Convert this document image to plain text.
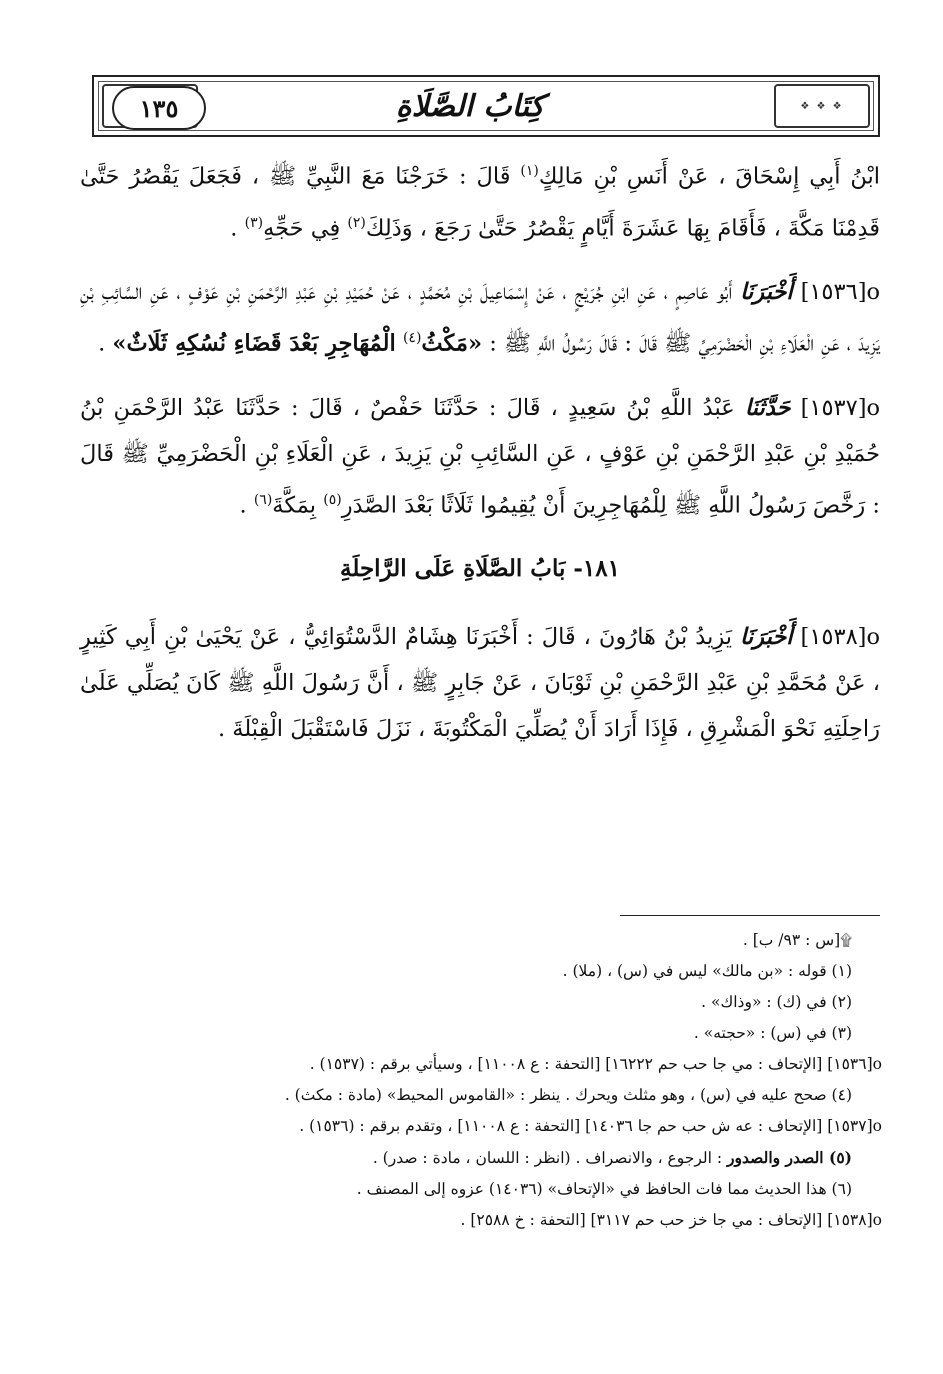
❖ ❖ ❖
❖ ❖ ❖
١٣٥	كِتَابُ الصَّلَاةِ

ابْنُ أَبِي إِسْحَاقَ ، عَنْ أَنَسِ بْنِ مَالِكٍ$^{(١)}$ قَالَ : خَرَجْنَا مَعَ النَّبِيِّ ﷺ ، فَجَعَلَ يَقْصُرُ حَتَّىٰ قَدِمْنَا مَكَّةَ ، فَأَقَامَ بِهَا عَشَرَةَ أَيَّامٍ يَقْصُرُ حَتَّىٰ رَجَعَ ، وَذَلِكَ$^{(٢)}$ فِي حَجِّهِ$^{(٣)}$ .

o[١٥٣٦] أَخْبَرَنَا أَبُو عَاصِمٍ ، عَنِ ابْنِ جُرَيْجٍ ، عَنْ إِسْمَاعِيلَ بْنِ مُحَمَّدٍ ، عَنْ حُمَيْدِ بْنِ عَبْدِ الرَّحْمَنِ بْنِ عَوْفٍ ، عَنِ السَّائِبِ بْنِ يَزِيدَ ، عَنِ الْعَلَاءِ بْنِ الْحَضْرَمِيِّ ﷺ قَالَ : قَالَ رَسُولُ اللَّهِ ﷺ : «مَكْثُ$^{(٤)}$ الْمُهَاجِرِ بَعْدَ قَضَاءِ نُسُكِهِ ثَلَاثٌ» .

o[١٥٣٧] حَدَّثَنَا عَبْدُ اللَّهِ بْنُ سَعِيدٍ ، قَالَ : حَدَّثَنَا حَفْصٌ ، قَالَ : حَدَّثَنَا عَبْدُ الرَّحْمَنِ بْنُ حُمَيْدِ بْنِ عَبْدِ الرَّحْمَنِ بْنِ عَوْفٍ ، عَنِ السَّائِبِ بْنِ يَزِيدَ ، عَنِ الْعَلَاءِ بْنِ الْحَضْرَمِيِّ ﷺ قَالَ : رَخَّصَ رَسُولُ اللَّهِ ﷺ لِلْمُهَاجِرِينَ أَنْ يُقِيمُوا ثَلَاثًا بَعْدَ الصَّدَرِ$^{(٥)}$ بِمَكَّةَ$^{(٦)}$ .

١٨١- بَابُ الصَّلَاةِ عَلَى الرَّاحِلَةِ

o[١٥٣٨] أَخْبَرَنَا يَزِيدُ بْنُ هَارُونَ ، قَالَ : أَخْبَرَنَا هِشَامٌ الدَّسْتُوَائِيُّ ، عَنْ يَحْيَىٰ بْنِ أَبِي كَثِيرٍ ، عَنْ مُحَمَّدِ بْنِ عَبْدِ الرَّحْمَنِ بْنِ ثَوْبَانَ ، عَنْ جَابِرٍ ﷺ ، أَنَّ رَسُولَ اللَّهِ ﷺ كَانَ يُصَلِّي عَلَىٰ رَاحِلَتِهِ نَحْوَ الْمَشْرِقِ ، فَإِذَا أَرَادَ أَنْ يُصَلِّيَ الْمَكْتُوبَةَ ، نَزَلَ فَاسْتَقْبَلَ الْقِبْلَةَ .

۩[س : ٩٣/ ب] .

(١) قوله : «بن مالك» ليس في (س) ، (ملا) .

(٢) في (ك) : «وذاك» .

(٣) في (س) : «حجته» .

o[١٥٣٦] [الإتحاف : مي جا حب حم ١٦٢٢٢] [التحفة : ع ١١٠٠٨] ، وسيأتي برقم : (١٥٣٧) .

(٤) صحح عليه في (س) ، وهو مثلث ويحرك . ينظر : «القاموس المحيط» (مادة : مكث) .

o[١٥٣٧] [الإتحاف : عه ش حب حم جا ١٤٠٣٦] [التحفة : ع ١١٠٠٨] ، وتقدم برقم : (١٥٣٦) .

(٥) الصدر والصدور : الرجوع ، والانصراف . (انظر : اللسان ، مادة : صدر) .

(٦) هذا الحديث مما فات الحافظ في «الإتحاف» (١٤٠٣٦) عزوه إلى المصنف .

o[١٥٣٨] [الإتحاف : مي جا خز حب حم ٣١١٧] [التحفة : خ ٢٥٨٨] .
